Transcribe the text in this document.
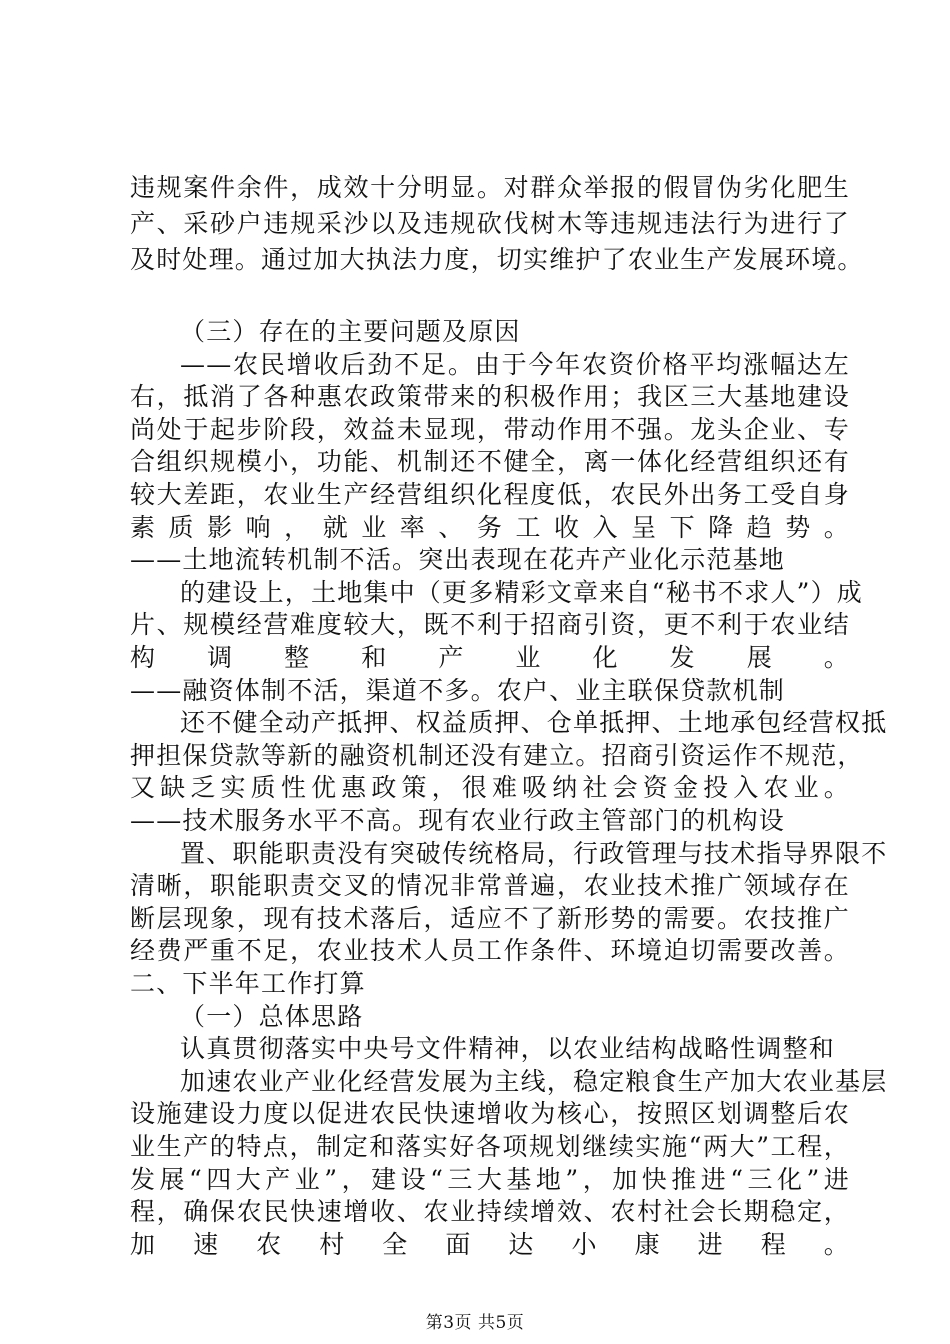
违规案件余件，成效十分明显。对群众举报的假冒伪劣化肥生
产、采砂户违规采沙以及违规砍伐树木等违规违法行为进行了
及时处理。通过加大执法力度，切实维护了农业生产发展环境。
（三）存在的主要问题及原因
——农民增收后劲不足。由于今年农资价格平均涨幅达左
右，抵消了各种惠农政策带来的积极作用；我区三大基地建设
尚处于起步阶段，效益未显现，带动作用不强。龙头企业、专
合组织规模小，功能、机制还不健全，离一体化经营组织还有
较大差距，农业生产经营组织化程度低，农民外出务工受自身
素质影响，就业率、务工收入呈下降趋势。
——土地流转机制不活。突出表现在花卉产业化示范基地
的建设上，土地集中（更多精彩文章来自“秘书不求人”）成
片、规模经营难度较大，既不利于招商引资，更不利于农业结
构调整和产业化发展。
——融资体制不活，渠道不多。农户、业主联保贷款机制
还不健全动产抵押、权益质押、仓单抵押、土地承包经营权抵
押担保贷款等新的融资机制还没有建立。招商引资运作不规范，
又缺乏实质性优惠政策，很难吸纳社会资金投入农业。
——技术服务水平不高。现有农业行政主管部门的机构设
置、职能职责没有突破传统格局，行政管理与技术指导界限不
清晰，职能职责交叉的情况非常普遍，农业技术推广领域存在
断层现象，现有技术落后，适应不了新形势的需要。农技推广
经费严重不足，农业技术人员工作条件、环境迫切需要改善。
二、下半年工作打算
（一）总体思路
认真贯彻落实中央号文件精神，以农业结构战略性调整和
加速农业产业化经营发展为主线，稳定粮食生产加大农业基层
设施建设力度以促进农民快速增收为核心，按照区划调整后农
业生产的特点，制定和落实好各项规划继续实施“两大”工程，
发展“四大产业”，建设“三大基地”，加快推进“三化”进
程，确保农民快速增收、农业持续增效、农村社会长期稳定，
加速农村全面达小康进程。
第3页 共5页
